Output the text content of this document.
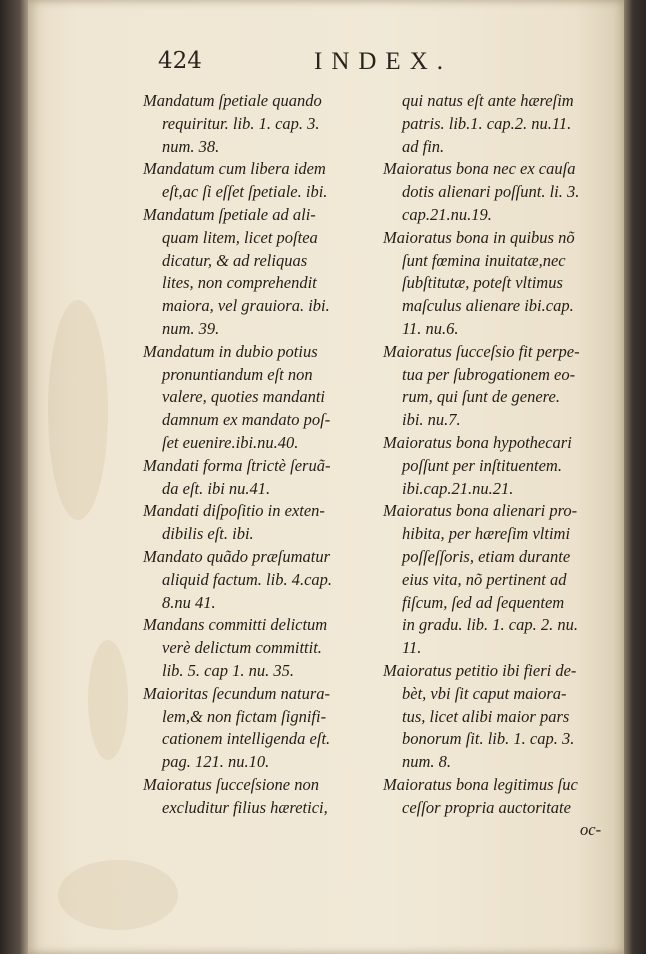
424	INDEX.
Mandatum ſpetiale quando
requiritur. lib. 1. cap. 3.
num. 38.
Mandatum cum libera idem
eſt,ac ſi eſſet ſpetiale. ibi.
Mandatum ſpetiale ad ali-
quam litem, licet poſtea
dicatur, & ad reliquas
lites, non comprehendit
maiora, vel grauiora. ibi.
num. 39.
Mandatum in dubio potius
pronuntiandum eſt non
valere, quoties mandanti
damnum ex mandato poſ-
ſet euenire.ibi.nu.40.
Mandati forma ſtrictè ſeruã-
da eſt. ibi nu.41.
Mandati diſpoſitio in exten-
dibilis eſt. ibi.
Mandato quãdo præſumatur
aliquid factum. lib. 4.cap.
8.nu 41.
Mandans committi delictum
verè delictum committit.
lib. 5. cap 1. nu. 35.
Maioritas ſecundum natura-
lem,& non fictam ſignifi-
cationem intelligenda eſt.
pag. 121. nu.10.
Maioratus ſucceſsione non
excluditur filius hæretici,
qui natus eſt ante hæreſim
patris. lib.1. cap.2. nu.11.
ad fin.
Maioratus bona nec ex cauſa
dotis alienari poſſunt. li. 3.
cap.21.nu.19.
Maioratus bona in quibus nõ
ſunt fœmina inuitatæ,nec
ſubſtitutæ, poteſt vltimus
maſculus alienare ibi.cap.
11. nu.6.
Maioratus ſucceſsio fit perpe-
tua per ſubrogationem eo-
rum, qui ſunt de genere.
ibi. nu.7.
Maioratus bona hypothecari
poſſunt per inſtituentem.
ibi.cap.21.nu.21.
Maioratus bona alienari pro-
hibita, per hæreſim vltimi
poſſeſſoris, etiam durante
eius vita, nõ pertinent ad
fiſcum, ſed ad ſequentem
in gradu. lib. 1. cap. 2. nu.
11.
Maioratus petitio ibi fieri de-
bèt, vbi ſit caput maiora-
tus, licet alibi maior pars
bonorum ſit. lib. 1. cap. 3.
num. 8.
Maioratus bona legitimus ſuc
ceſſor propria auctoritate
oc-
